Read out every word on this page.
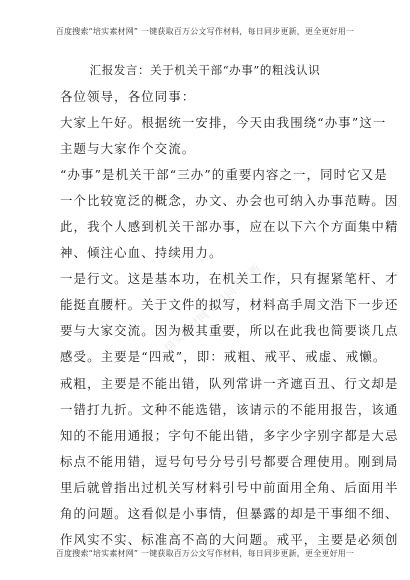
百度搜索“培实素材网” 一键获取百万公文写作材料，每日同步更新，更全更好用一
汇报发言：关于机关干部“办事”的粗浅认识
各位领导，各位同事：
大家上午好。根据统一安排，今天由我围绕“办事”这一
主题与大家作个交流。
“办事”是机关干部“三办”的重要内容之一，同时它又是
一个比较宽泛的概念，办文、办会也可纳入办事范畴。因
此，我个人感到机关干部办事，应在以下六个方面集中精
神、倾注心血、持续用力。
一是行文。这是基本功，在机关工作，只有握紧笔杆、才
能挺直腰杆。关于文件的拟写，材料高手周文浩下一步还
要与大家交流。因为极其重要，所以在此我也简要谈几点
感受。主要是“四戒”，即：戒粗、戒平、戒虚、戒懒。
戒粗，主要是不能出错，队列常讲一齐遮百丑、行文却是
一错打九折。文种不能选错，该请示的不能用报告，该通
知的不能用通报；字句不能出错，多字少字别字都是大忌
标点不能用错，逗号句号分号引号都要合理使用。刚到局
里后就曾指出过机关写材料引号中前面用全角、后面用半
角的问题。这看似是小事情，但暴露的却是干事细不细、
作风实不实、标准高不高的大问题。戒平，主要是必须创
培实素材网 每日同步更新
百度搜索“培实素材网” 一键获取百万公文写作材料，每日同步更新，更全更好用一
